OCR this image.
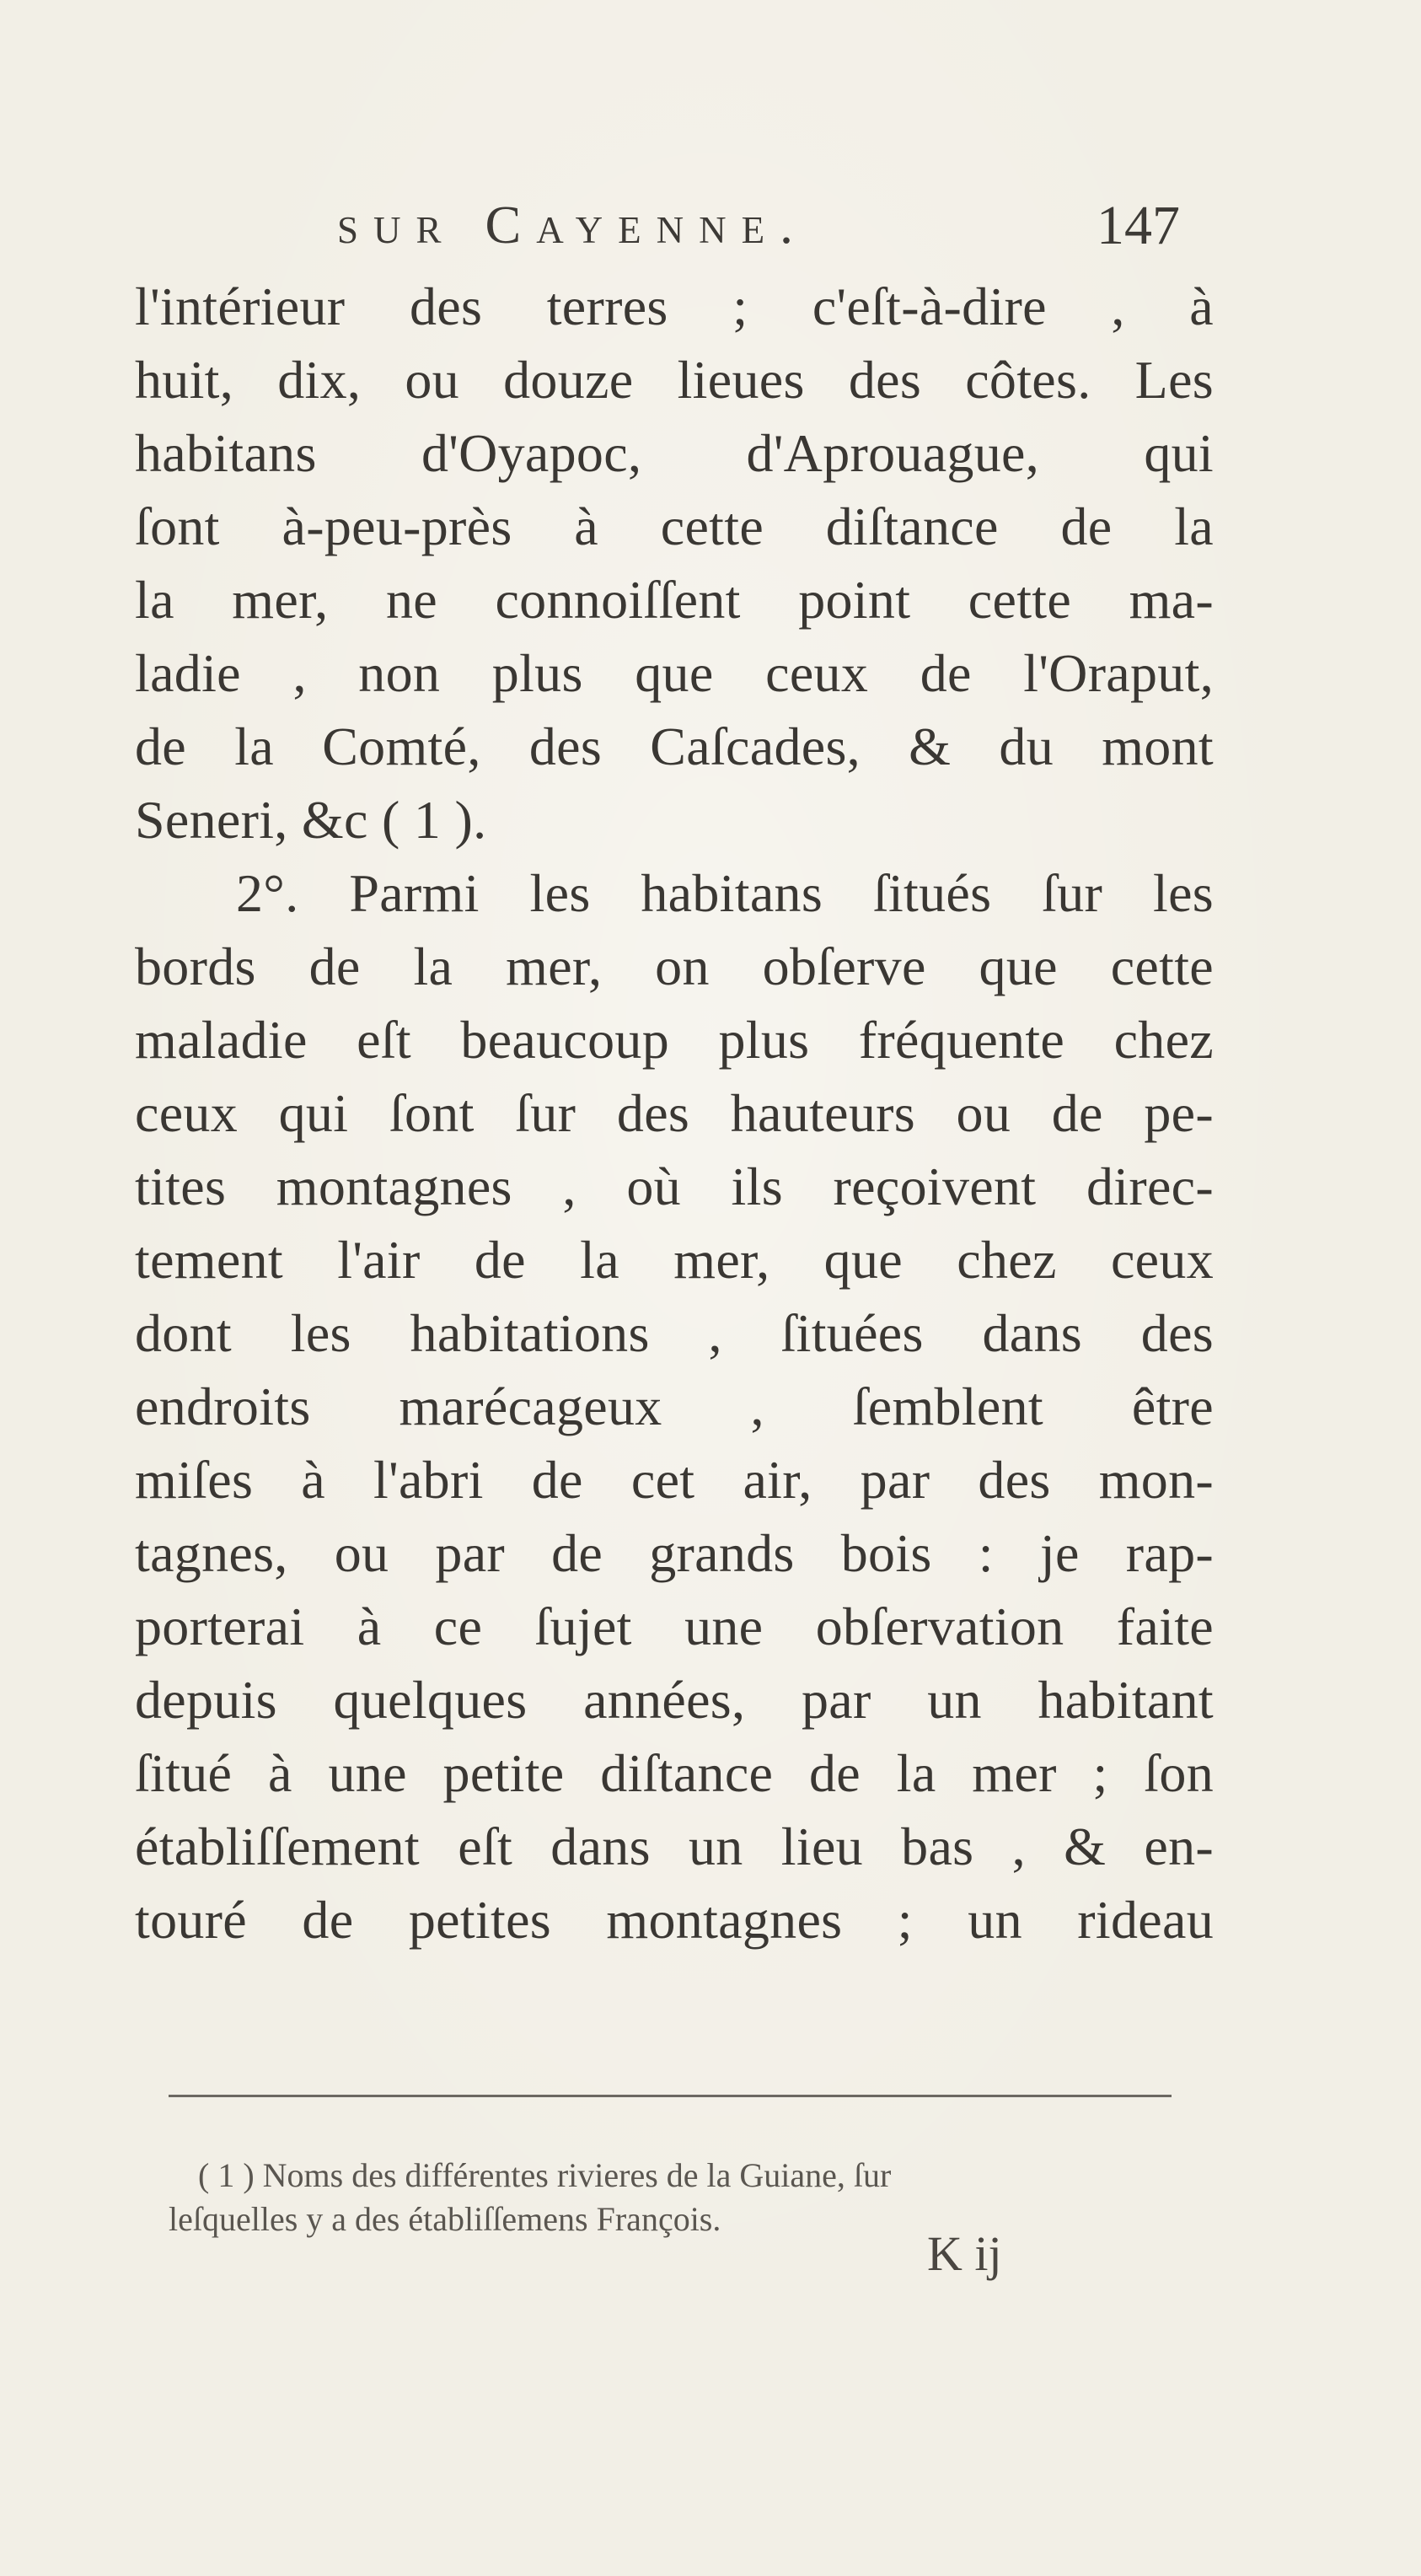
sur Cayenne.	147
l'intérieur des terres ; c'eſt-à-dire , à
huit, dix, ou douze lieues des côtes. Les
habitans d'Oyapoc, d'Aprouague, qui
ſont à-peu-près à cette diſtance de la
la mer, ne connoiſſent point cette ma-
ladie , non plus que ceux de l'Oraput,
de la Comté, des Caſcades, & du mont
Seneri, &c ( 1 ).
2°. Parmi les habitans ſitués ſur les
bords de la mer, on obſerve que cette
maladie eſt beaucoup plus fréquente chez
ceux qui ſont ſur des hauteurs ou de pe-
tites montagnes , où ils reçoivent direc-
tement l'air de la mer, que chez ceux
dont les habitations , ſituées dans des
endroits marécageux , ſemblent être
miſes à l'abri de cet air, par des mon-
tagnes, ou par de grands bois : je rap-
porterai à ce ſujet une obſervation faite
depuis quelques années, par un habitant
ſitué à une petite diſtance de la mer ; ſon
établiſſement eſt dans un lieu bas , & en-
touré de petites montagnes ; un rideau
( 1 ) Noms des différentes rivieres de la Guiane, ſur
leſquelles y a des établiſſemens François.
K ij
